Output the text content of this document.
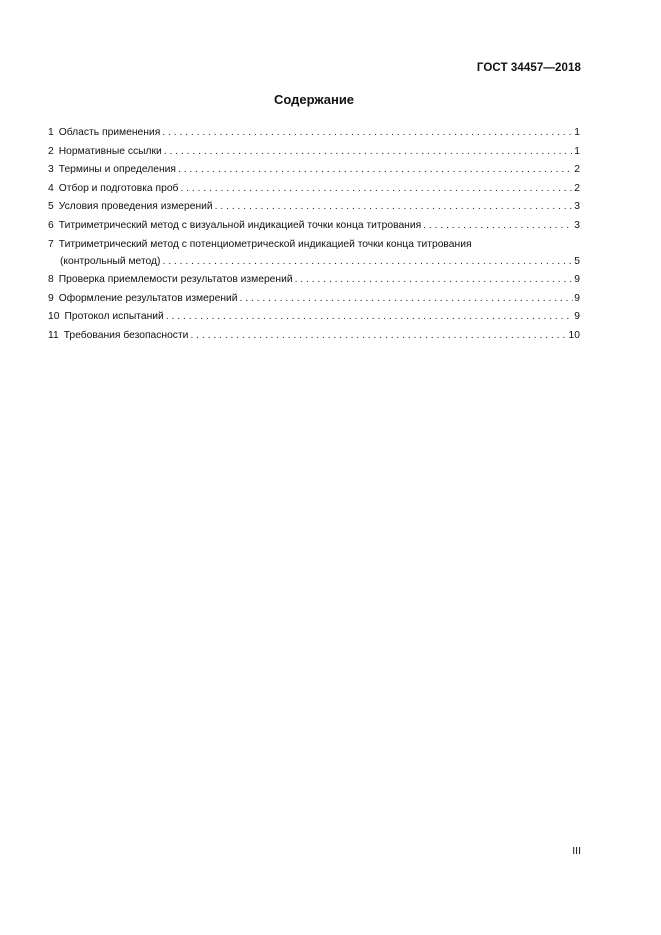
ГОСТ 34457—2018
Содержание
1 Область применения . . .	1
2 Нормативные ссылки . . .	1
3 Термины и определения . . .	2
4 Отбор и подготовка проб . . .	2
5 Условия проведения измерений . . .	3
6 Титриметрический метод с визуальной индикацией точки конца титрования . . .	3
7 Титриметрический метод с потенциометрической индикацией точки конца титрования
(контрольный метод) . . .	5
8 Проверка приемлемости результатов измерений . . .	9
9 Оформление результатов измерений . . .	9
10 Протокол испытаний . . .	9
11 Требования безопасности . . .	10
III
